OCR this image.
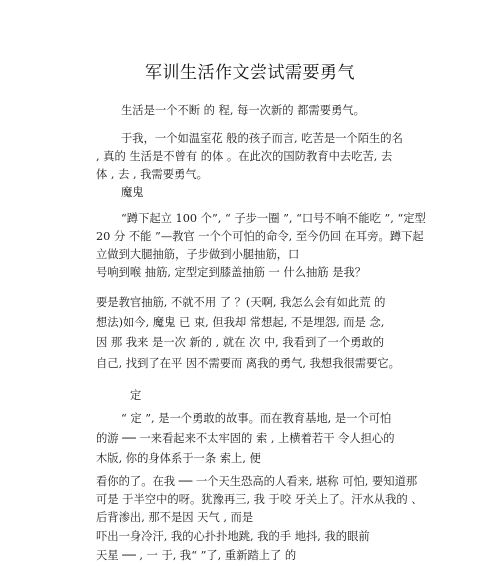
军训生活作文尝试需要勇气
生活是一个不断 的 程, 每一次新的 都需要勇气。
于我，一个如温室花 般的孩子而言, 吃苦是一个陌生的名
, 真的 生活是不曾有 的体 。在此次的国防教育中去吃苦, 去
体 , 去 , 我需要勇气。
魔鬼
“蹲下起立 100 个”, “ 子步一圈 ”, “口号不响不能吃 ”, “定型
20 分 不能 ”—教官 一个个可怕的命令, 至今仍回 在耳旁。蹲下起
立做到大腿抽筋，子步做到小腿抽筋，口
号响到喉 抽筋, 定型定到膝盖抽筋 一 什么抽筋 是我？
要是教官抽筋, 不就不用 了 ？(天啊, 我怎么会有如此荒 的
想法)如今, 魔鬼 已 束, 但我却 常想起, 不是埋怨, 而是 念,
因 那 我来 是一次 新的 , 就在 次 中, 我看到了一个勇敢的
自己, 找到了在平 因不需要而 离我的勇气, 我想我很需要它。
定
“ 定 ”, 是一个勇敢的故事。而在教育基地, 是一个可怕
的游 ── 一来看起来不太牢固的 索 , 上横着若干 令人担心的
木版, 你的身体系于一条 索上, 便
看你的了。在我 ── 一个天生恐高的人看来, 堪称 可怕, 要知道那
可是 于半空中的呀。犹豫再三, 我 于咬 牙关上了。汗水从我的 、
后背渗出, 那不是因 天气 , 而是
吓出一身冷汗, 我的心扑扑地跳, 我的手 地抖, 我的眼前
天星 ── , 一 于, 我“ ”了, 重新踏上了 的
